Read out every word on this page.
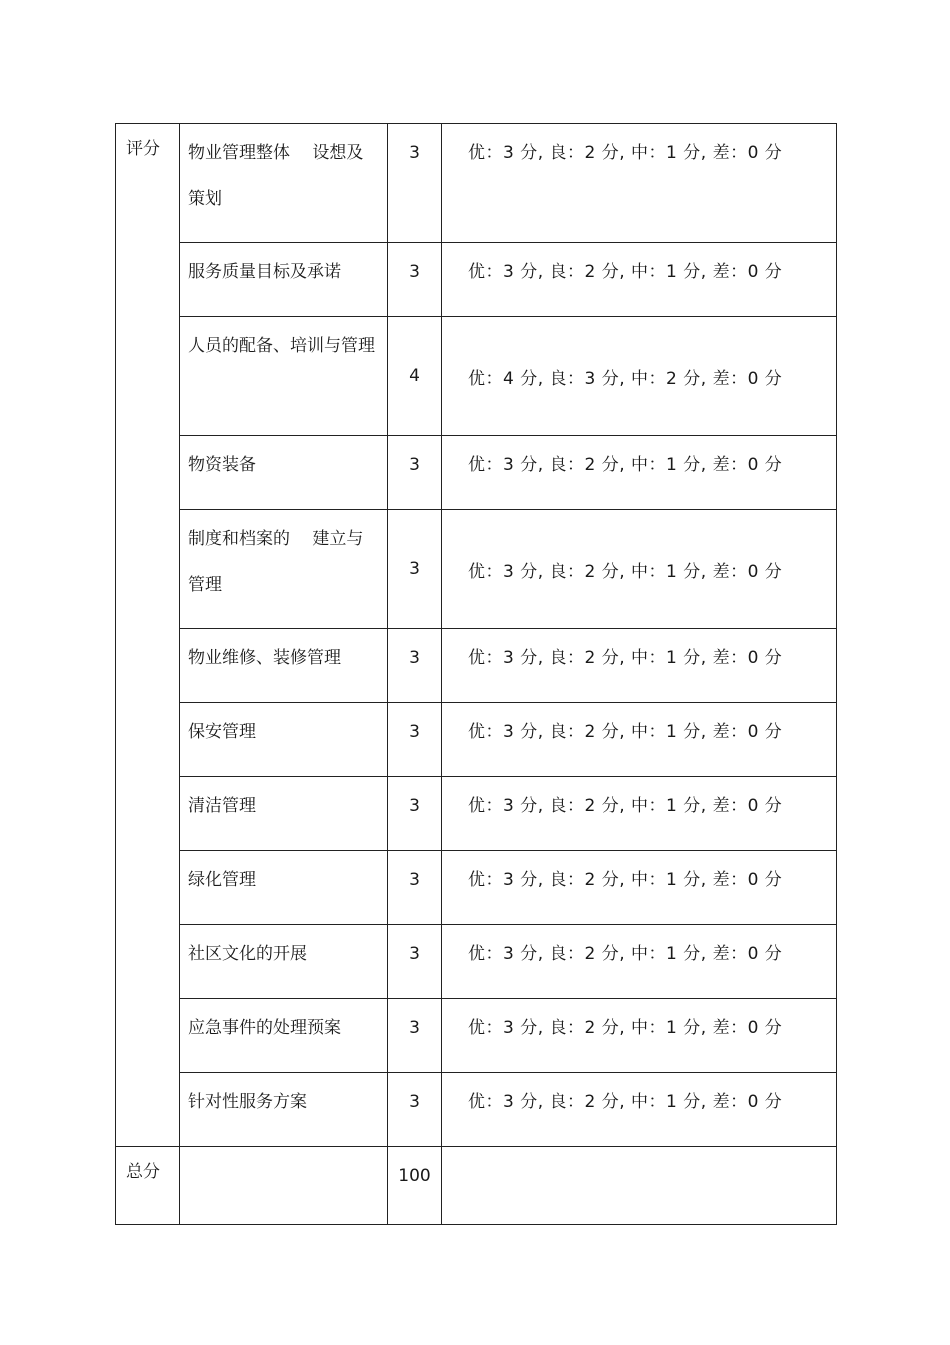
评分	物业管理整体　 设想及策划	3	优：3 分, 良：2 分, 中：1 分, 差：0 分
	服务质量目标及承诺	3	优：3 分, 良：2 分, 中：1 分, 差：0 分
	人员的配备、培训与管理	4	优：4 分, 良：3 分, 中：2 分, 差：0 分
	物资装备	3	优：3 分, 良：2 分, 中：1 分, 差：0 分
	制度和档案的　 建立与管理	3	优：3 分, 良：2 分, 中：1 分, 差：0 分
	物业维修、装修管理	3	优：3 分, 良：2 分, 中：1 分, 差：0 分
	保安管理	3	优：3 分, 良：2 分, 中：1 分, 差：0 分
	清洁管理	3	优：3 分, 良：2 分, 中：1 分, 差：0 分
	绿化管理	3	优：3 分, 良：2 分, 中：1 分, 差：0 分
	社区文化的开展	3	优：3 分, 良：2 分, 中：1 分, 差：0 分
	应急事件的处理预案	3	优：3 分, 良：2 分, 中：1 分, 差：0 分
	针对性服务方案	3	优：3 分, 良：2 分, 中：1 分, 差：0 分
总分		100	
